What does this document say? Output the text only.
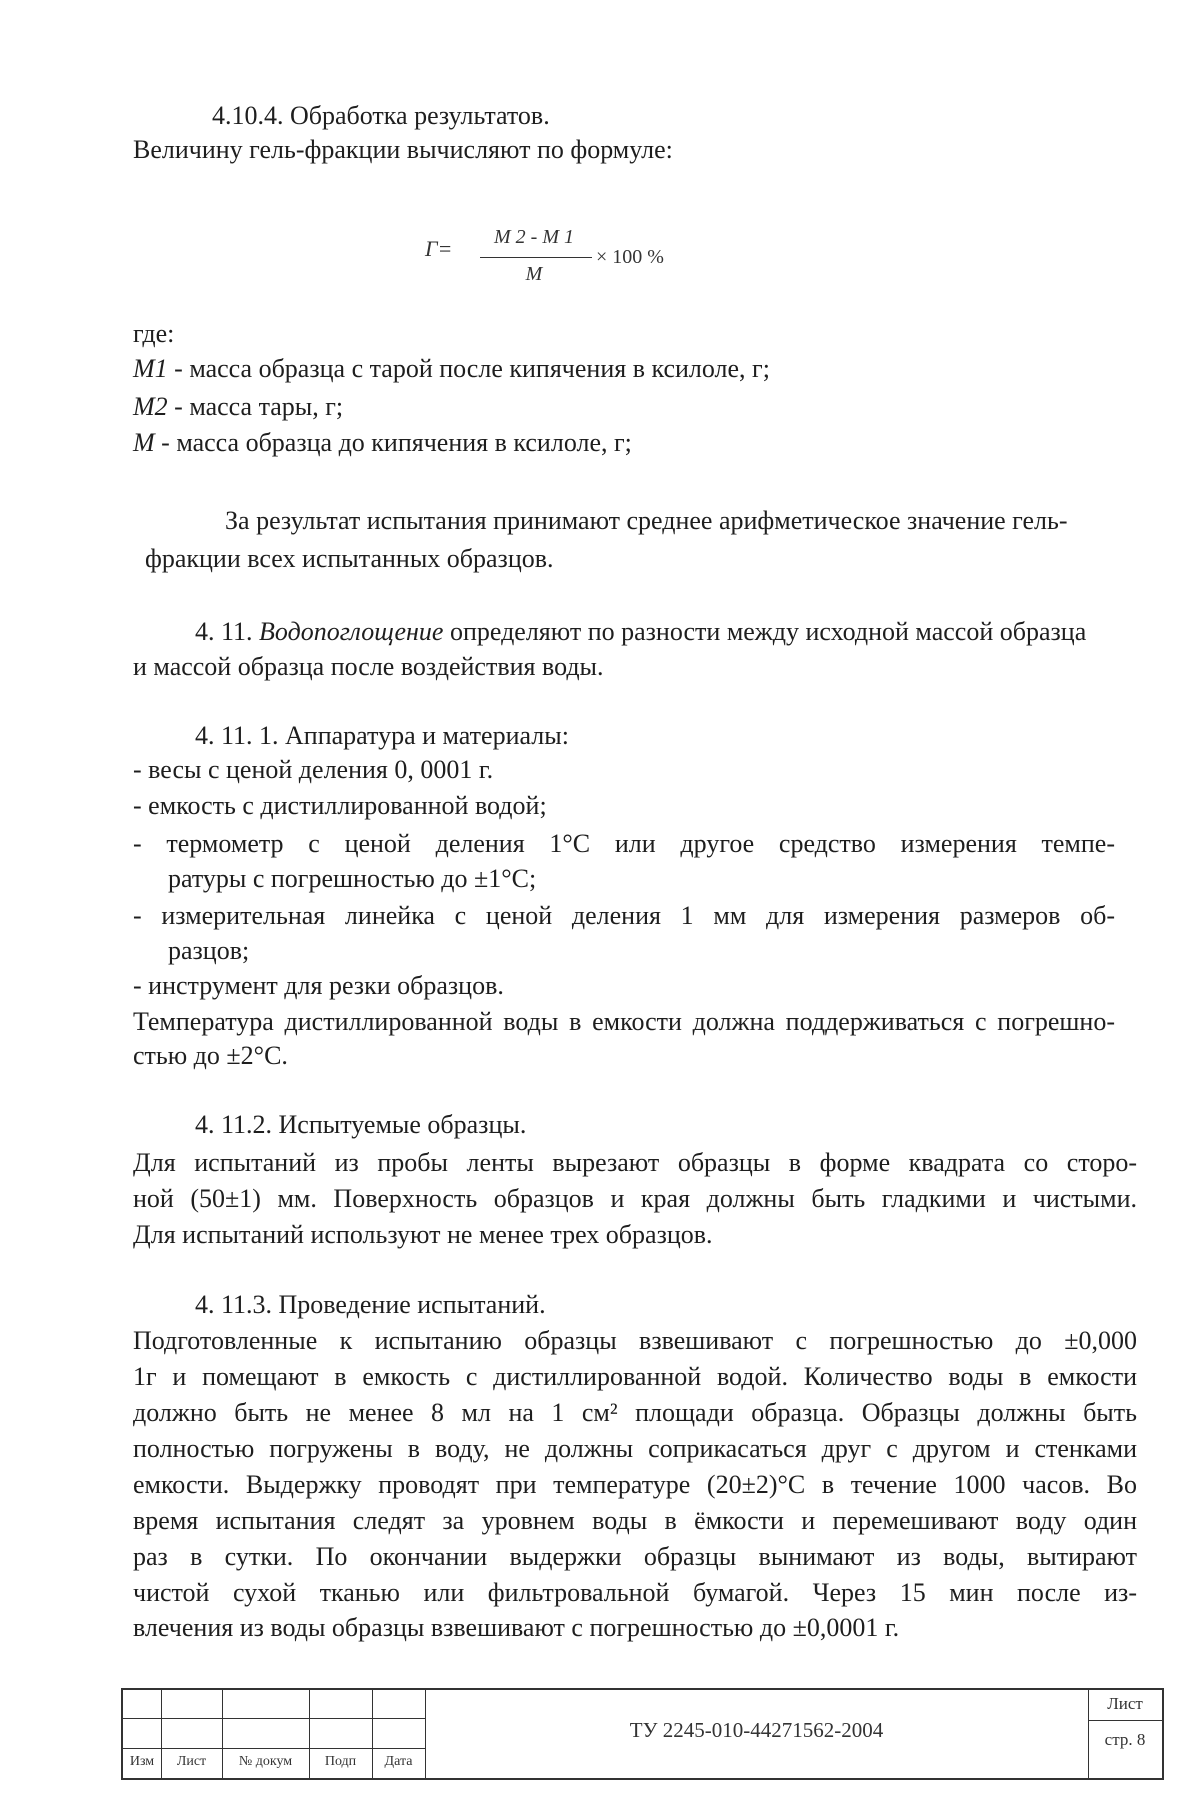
4.10.4. Обработка результатов.
Величину гель-фракции вычисляют по формуле:
Г=	М 2 - М 1
М
× 100 %
где:
М1 - масса образца с тарой после кипячения в ксилоле, г;
М2 - масса тары, г;
М - масса образца до кипячения в ксилоле, г;
За результат испытания принимают среднее арифметическое значение гель-
фракции всех испытанных образцов.
4. 11. Водопоглощение определяют по разности между исходной массой образца
и массой образца после воздействия воды.
4. 11. 1. Аппаратура и материалы:
- весы с ценой деления 0, 0001 г.
- емкость с дистиллированной водой;
- термометр с ценой деления 1°С или другое средство измерения темпе-
ратуры с погрешностью до ±1°С;
- измерительная линейка с ценой деления 1 мм для измерения размеров об-
разцов;
- инструмент для резки образцов.
Температура дистиллированной воды в емкости должна поддерживаться с погрешно-
стью до ±2°С.
4. 11.2. Испытуемые образцы.
Для испытаний из пробы ленты вырезают образцы в форме квадрата со сторо-
ной (50±1) мм. Поверхность образцов и края должны быть гладкими и чистыми.
Для испытаний используют не менее трех образцов.
4. 11.3. Проведение испытаний.
Подготовленные к испытанию образцы взвешивают с погрешностью до ±0,000
1г и помещают в емкость с дистиллированной водой. Количество воды в емкости
должно быть не менее 8 мл на 1 см² площади образца. Образцы должны быть
полностью погружены в воду, не должны соприкасаться друг с другом и стенками
емкости. Выдержку проводят при температуре (20±2)°С в течение 1000 часов. Во
время испытания следят за уровнем воды в ёмкости и перемешивают воду один
раз в сутки. По окончании выдержки образцы вынимают из воды, вытирают
чистой сухой тканью или фильтровальной бумагой. Через 15 мин после из-
влечения из воды образцы взвешивают с погрешностью до ±0,0001 г.
Изм	Лист	№ докум	Подп	Дата
ТУ 2245-010-44271562-2004
Лист
стр. 8
